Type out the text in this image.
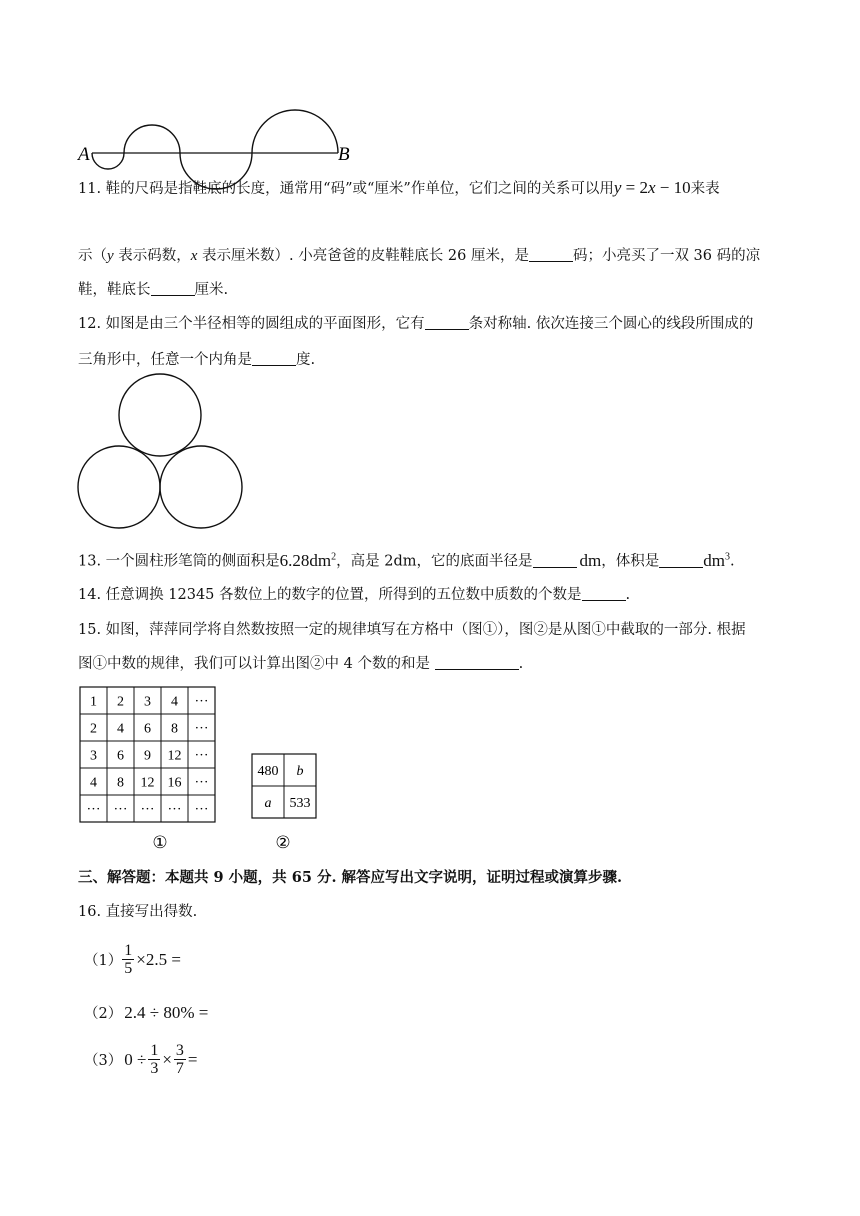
A	B
11. 鞋的尺码是指鞋底的长度，通常用“码”或“厘米”作单位，它们之间的关系可以用y = 2x − 10来表
示（y 表示码数，x 表示厘米数）. 小亮爸爸的皮鞋鞋底长 26 厘米，是	码；小亮买了一双 36 码的凉
鞋，鞋底长	厘米.
12. 如图是由三个半径相等的圆组成的平面图形，它有	条对称轴. 依次连接三个圆心的线段所围成的
三角形中，任意一个内角是	度.
13. 一个圆柱形笔筒的侧面积是$6.28dm^2$，高是 2dm，它的底面半径是	dm，体积是	$dm^3$.
14. 任意调换 12345 各数位上的数字的位置，所得到的五位数中质数的个数是	.
15. 如图，萍萍同学将自然数按照一定的规律填写在方格中（图①），图②是从图①中截取的一部分. 根据
图①中数的规律，我们可以计算出图②中 4 个数的和是	.
1 2 3 4 ···
2 4 6 8 ···
3 6 9 12 ···
4 8 12 16 ···
··· ··· ··· ··· ···
①
480 b
a 533
②
三、解答题：本题共 9 小题，共 65 分. 解答应写出文字说明，证明过程或演算步骤.
16. 直接写出得数.
$(1) \frac{1}{5} \times 2.5$ =
（2） 2.4 ÷ 80% =
（3） $0 \div \frac{1}{3} \times \frac{3}{7}$ =
